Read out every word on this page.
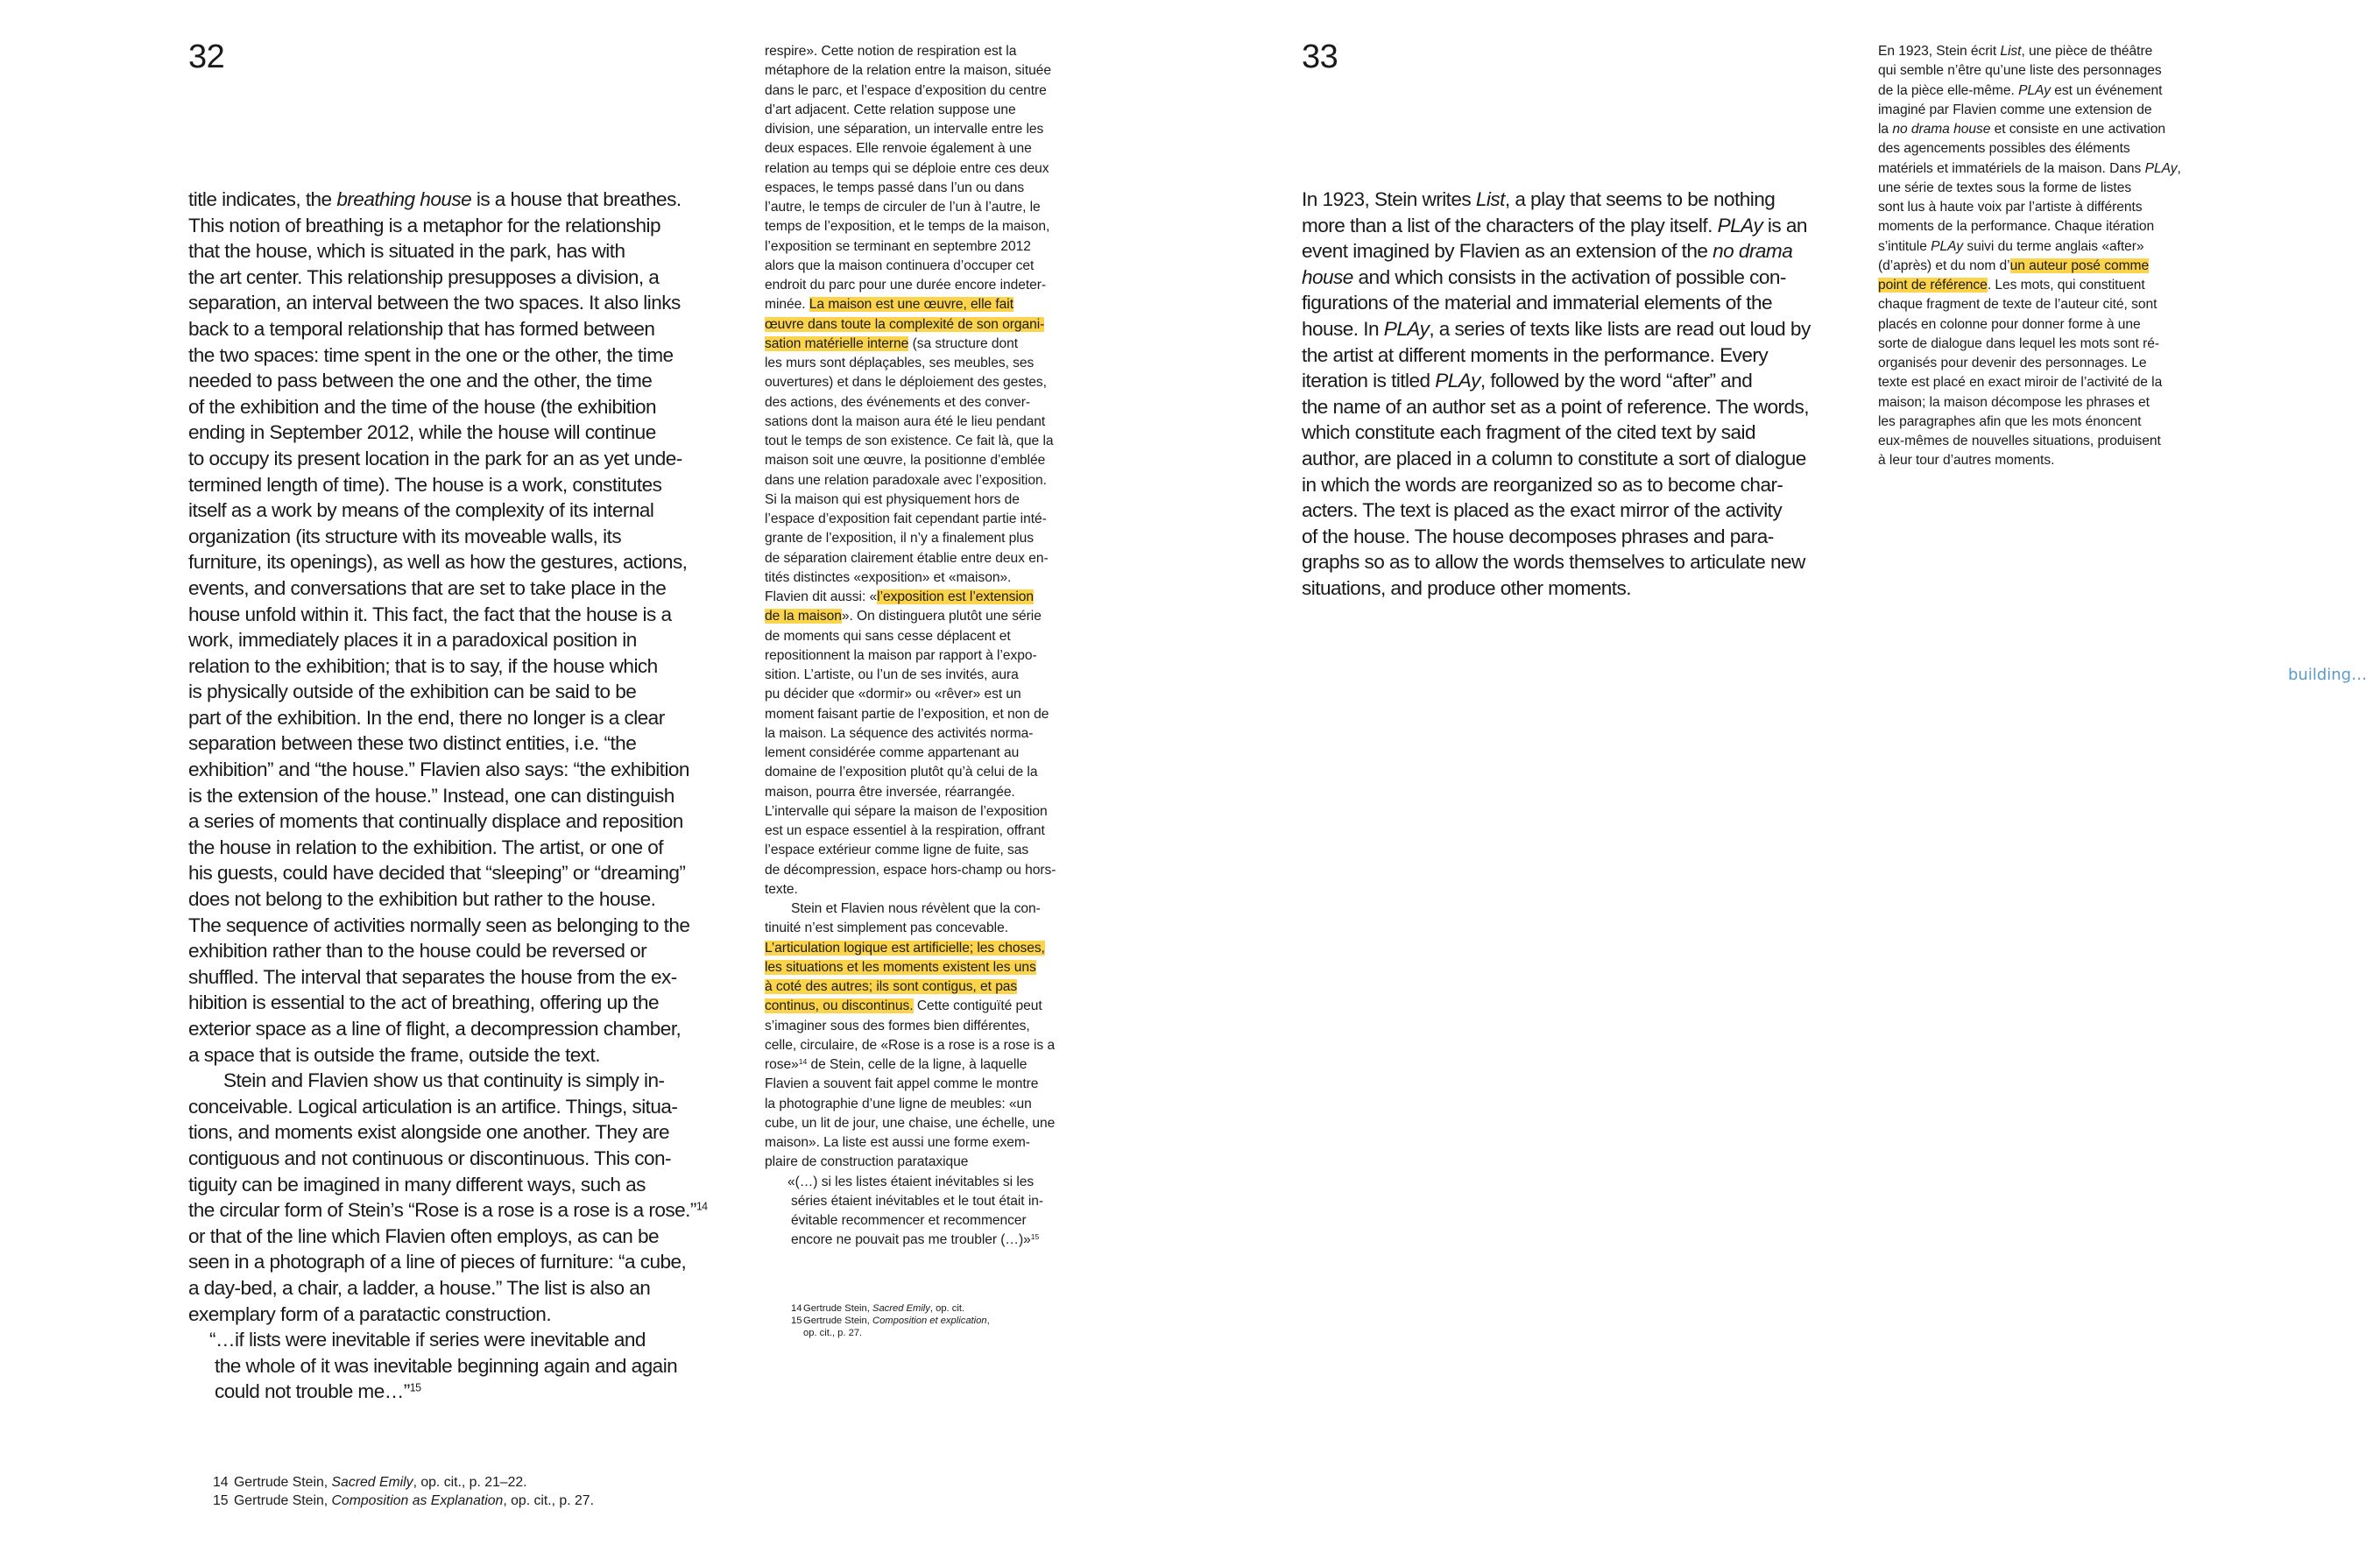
32
title indicates, the breathing house is a house that breathes.
This notion of breathing is a metaphor for the relationship
that the house, which is situated in the park, has with
the art center. This relationship presupposes a division, a
separation, an interval between the two spaces. It also links
back to a temporal relationship that has formed between
the two spaces: time spent in the one or the other, the time
needed to pass between the one and the other, the time
of the exhibition and the time of the house (the exhibition
ending in September 2012, while the house will continue
to occupy its present location in the park for an as yet unde-
termined length of time). The house is a work, constitutes
itself as a work by means of the complexity of its internal
organization (its structure with its moveable walls, its
furniture, its openings), as well as how the gestures, actions,
events, and conversations that are set to take place in the
house unfold within it. This fact, the fact that the house is a
work, immediately places it in a paradoxical position in
relation to the exhibition; that is to say, if the house which
is physically outside of the exhibition can be said to be
part of the exhibition. In the end, there no longer is a clear
separation between these two distinct entities, i.e. “the
exhibition” and “the house.” Flavien also says: “the exhibition
is the extension of the house.” Instead, one can distinguish
a series of moments that continually displace and reposition
the house in relation to the exhibition. The artist, or one of
his guests, could have decided that “sleeping” or “dreaming”
does not belong to the exhibition but rather to the house.
The sequence of activities normally seen as belonging to the
exhibition rather than to the house could be reversed or
shuffled. The interval that separates the house from the ex-
hibition is essential to the act of breathing, offering up the
exterior space as a line of flight, a decompression chamber,
a space that is outside the frame, outside the text.
Stein and Flavien show us that continuity is simply in-
conceivable. Logical articulation is an artifice. Things, situa-
tions, and moments exist alongside one another. They are
contiguous and not continuous or discontinuous. This con-
tiguity can be imagined in many different ways, such as
the circular form of Stein’s “Rose is a rose is a rose is a rose.”$^{14}$
or that of the line which Flavien often employs, as can be
seen in a photograph of a line of pieces of furniture: “a cube,
a day-bed, a chair, a ladder, a house.” The list is also an
exemplary form of a paratactic construction.
“…if lists were inevitable if series were inevitable and
the whole of it was inevitable beginning again and again
could not trouble me…”$^{15}$
14 Gertrude Stein, Sacred Emily, op. cit., p. 21–22.
15 Gertrude Stein, Composition as Explanation, op. cit., p. 27.
respire». Cette notion de respiration est la
métaphore de la relation entre la maison, située
dans le parc, et l’espace d’exposition du centre
d’art adjacent. Cette relation suppose une
division, une séparation, un intervalle entre les
deux espaces. Elle renvoie également à une
relation au temps qui se déploie entre ces deux
espaces, le temps passé dans l’un ou dans
l’autre, le temps de circuler de l’un à l’autre, le
temps de l’exposition, et le temps de la maison,
l’exposition se terminant en septembre 2012
alors que la maison continuera d’occuper cet
endroit du parc pour une durée encore indeter-
minée. La maison est une œuvre, elle fait
œuvre dans toute la complexité de son organi-
sation matérielle interne (sa structure dont
les murs sont déplaçables, ses meubles, ses
ouvertures) et dans le déploiement des gestes,
des actions, des événements et des conver-
sations dont la maison aura été le lieu pendant
tout le temps de son existence. Ce fait là, que la
maison soit une œuvre, la positionne d’emblée
dans une relation paradoxale avec l’exposition.
Si la maison qui est physiquement hors de
l’espace d’exposition fait cependant partie inté-
grante de l’exposition, il n’y a finalement plus
de séparation clairement établie entre deux en-
tités distinctes «exposition» et «maison».
Flavien dit aussi: «l’exposition est l’extension
de la maison». On distinguera plutôt une série
de moments qui sans cesse déplacent et
repositionnent la maison par rapport à l’expo-
sition. L’artiste, ou l’un de ses invités, aura
pu décider que «dormir» ou «rêver» est un
moment faisant partie de l’exposition, et non de
la maison. La séquence des activités norma-
lement considérée comme appartenant au
domaine de l’exposition plutôt qu’à celui de la
maison, pourra être inversée, réarrangée.
L’intervalle qui sépare la maison de l’exposition
est un espace essentiel à la respiration, offrant
l’espace extérieur comme ligne de fuite, sas
de décompression, espace hors-champ ou hors-
texte.
Stein et Flavien nous révèlent que la con-
tinuité n’est simplement pas concevable.
L’articulation logique est artificielle; les choses,
les situations et les moments existent les uns
à coté des autres; ils sont contigus, et pas
continus, ou discontinus. Cette contiguïté peut
s’imaginer sous des formes bien différentes,
celle, circulaire, de «Rose is a rose is a rose is a
rose»$^{14}$ de Stein, celle de la ligne, à laquelle
Flavien a souvent fait appel comme le montre
la photographie d’une ligne de meubles: «un
cube, un lit de jour, une chaise, une échelle, une
maison». La liste est aussi une forme exem-
plaire de construction parataxique
«(…) si les listes étaient inévitables si les
séries étaient inévitables et le tout était in-
évitable recommencer et recommencer
encore ne pouvait pas me troubler (…)»$^{15}$
14 Gertrude Stein, Sacred Emily, op. cit.
15 Gertrude Stein, Composition et explication,
op. cit., p. 27.
33
In 1923, Stein writes List, a play that seems to be nothing
more than a list of the characters of the play itself. PLAy is an
event imagined by Flavien as an extension of the no drama
house and which consists in the activation of possible con-
figurations of the material and immaterial elements of the
house. In PLAy, a series of texts like lists are read out loud by
the artist at different moments in the performance. Every
iteration is titled PLAy, followed by the word “after” and
the name of an author set as a point of reference. The words,
which constitute each fragment of the cited text by said
author, are placed in a column to constitute a sort of dialogue
in which the words are reorganized so as to become char-
acters. The text is placed as the exact mirror of the activity
of the house. The house decomposes phrases and para-
graphs so as to allow the words themselves to articulate new
situations, and produce other moments.
En 1923, Stein écrit List, une pièce de théâtre
qui semble n’être qu’une liste des personnages
de la pièce elle-même. PLAy est un événement
imaginé par Flavien comme une extension de
la no drama house et consiste en une activation
des agencements possibles des éléments
matériels et immatériels de la maison. Dans PLAy,
une série de textes sous la forme de listes
sont lus à haute voix par l’artiste à différents
moments de la performance. Chaque itération
s’intitule PLAy suivi du terme anglais «after»
(d’après) et du nom d’un auteur posé comme
point de référence. Les mots, qui constituent
chaque fragment de texte de l’auteur cité, sont
placés en colonne pour donner forme à une
sorte de dialogue dans lequel les mots sont ré-
organisés pour devenir des personnages. Le
texte est placé en exact miroir de l’activité de la
maison; la maison décompose les phrases et
les paragraphes afin que les mots énoncent
eux-mêmes de nouvelles situations, produisent
à leur tour d’autres moments.
building…
